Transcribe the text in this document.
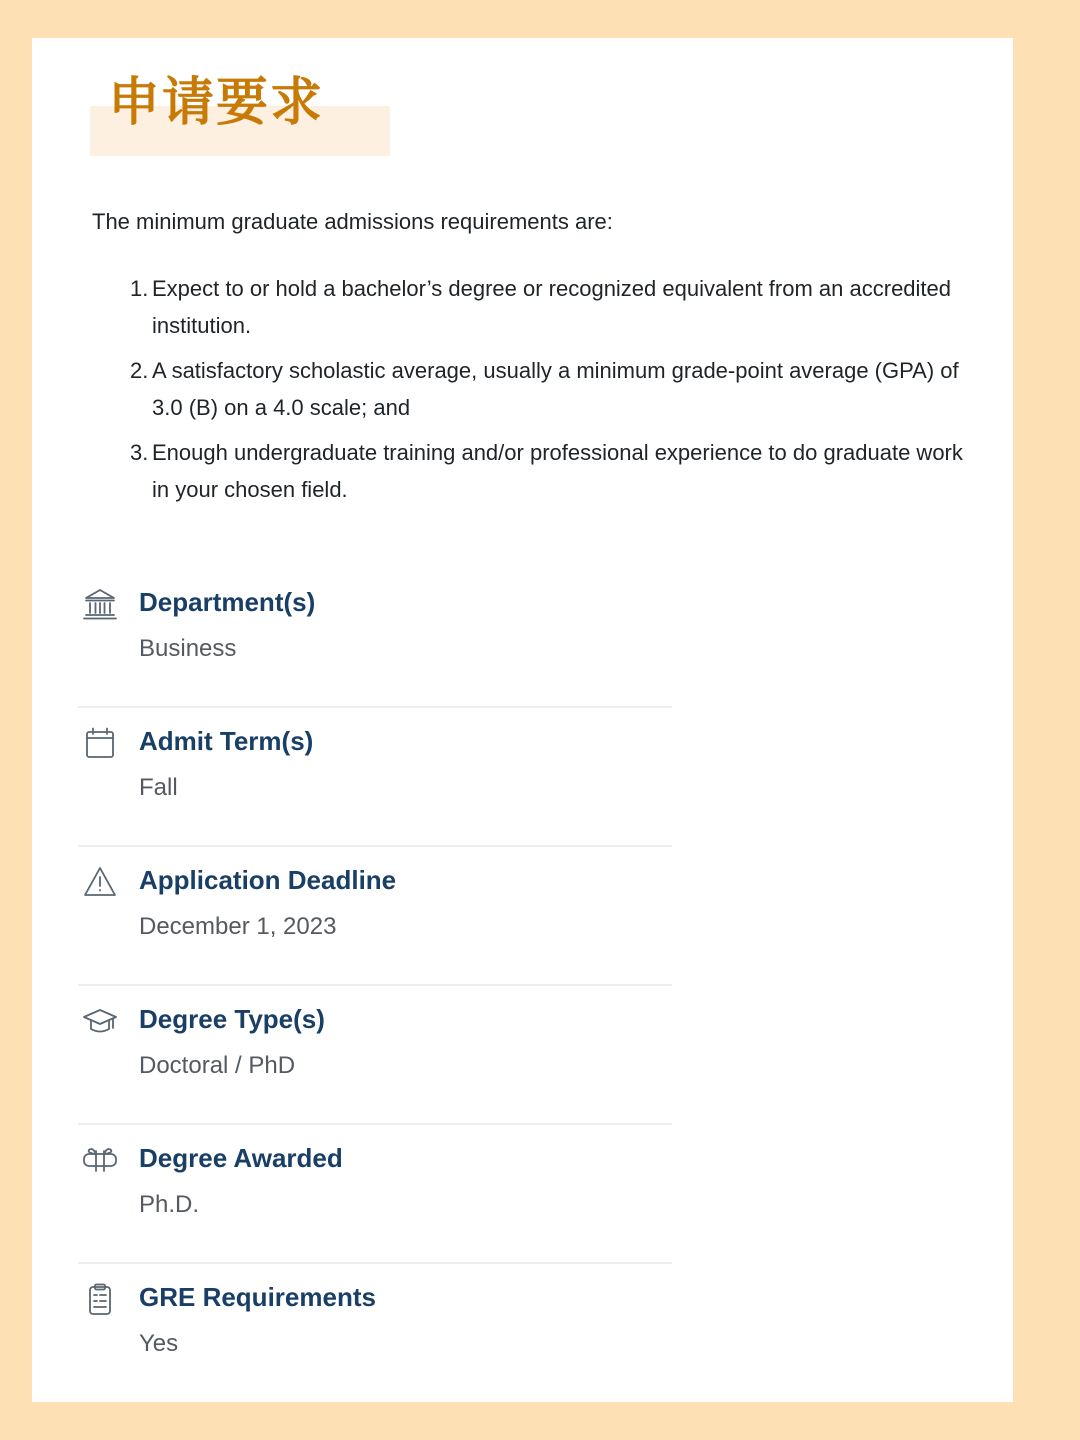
申请要求

The minimum graduate admissions requirements are:

1. Expect to or hold a bachelor’s degree or recognized equivalent from an accredited institution.
2. A satisfactory scholastic average, usually a minimum grade-point average (GPA) of 3.0 (B) on a 4.0 scale; and
3. Enough undergraduate training and/or professional experience to do graduate work in your chosen field.
Department(s)
Business
Admit Term(s)
Fall
Application Deadline
December 1, 2023
Degree Type(s)
Doctoral / PhD
Degree Awarded
Ph.D.
GRE Requirements
Yes
